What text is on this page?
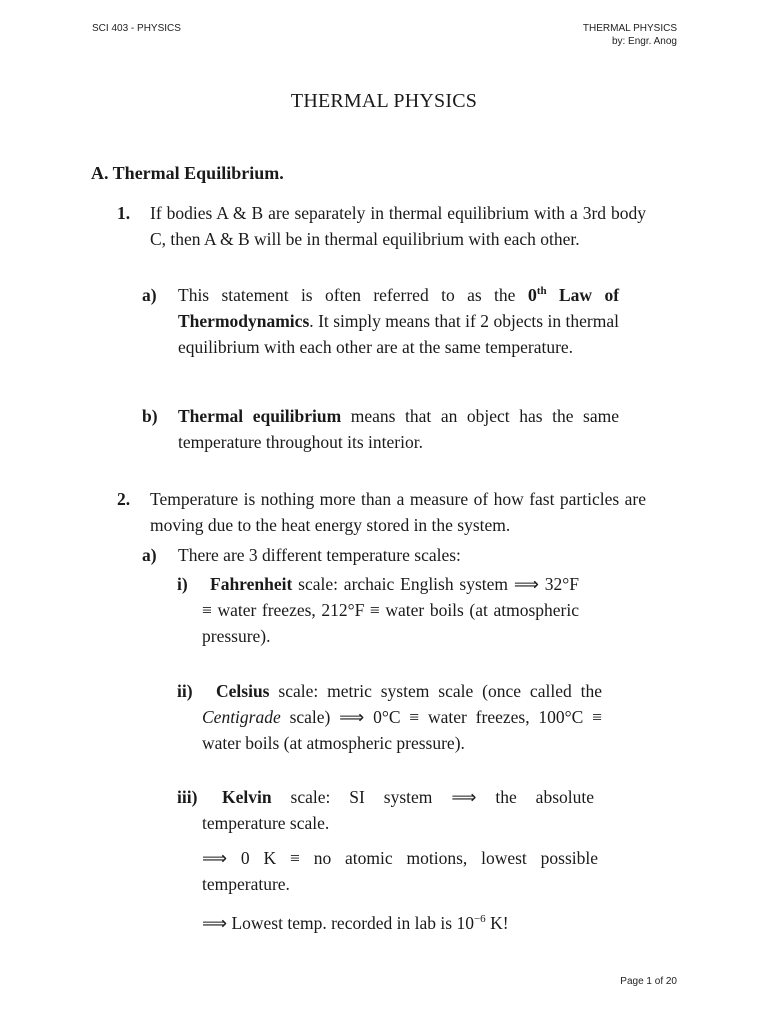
SCI 403 - PHYSICS	THERMAL PHYSICS
by: Engr. Anog
THERMAL PHYSICS
A. Thermal Equilibrium.
1. If bodies A & B are separately in thermal equilibrium with a 3rd body C, then A & B will be in thermal equilibrium with each other.
a) This statement is often referred to as the 0th Law of Thermodynamics. It simply means that if 2 objects in thermal equilibrium with each other are at the same temperature.
b) Thermal equilibrium means that an object has the same temperature throughout its interior.
2. Temperature is nothing more than a measure of how fast particles are moving due to the heat energy stored in the system.
a) There are 3 different temperature scales:
i)	Fahrenheit scale: archaic English system ⟹ 32°F ≡ water freezes, 212°F ≡ water boils (at atmospheric pressure).
ii)	Celsius scale: metric system scale (once called the Centigrade scale) ⟹ 0°C ≡ water freezes, 100°C ≡ water boils (at atmospheric pressure).
iii)	Kelvin scale: SI system ⟹ the absolute temperature scale.
⟹ 0 K ≡ no atomic motions, lowest possible temperature.
⟹ Lowest temp. recorded in lab is $10^{-6}$ K!
Page 1 of 20
